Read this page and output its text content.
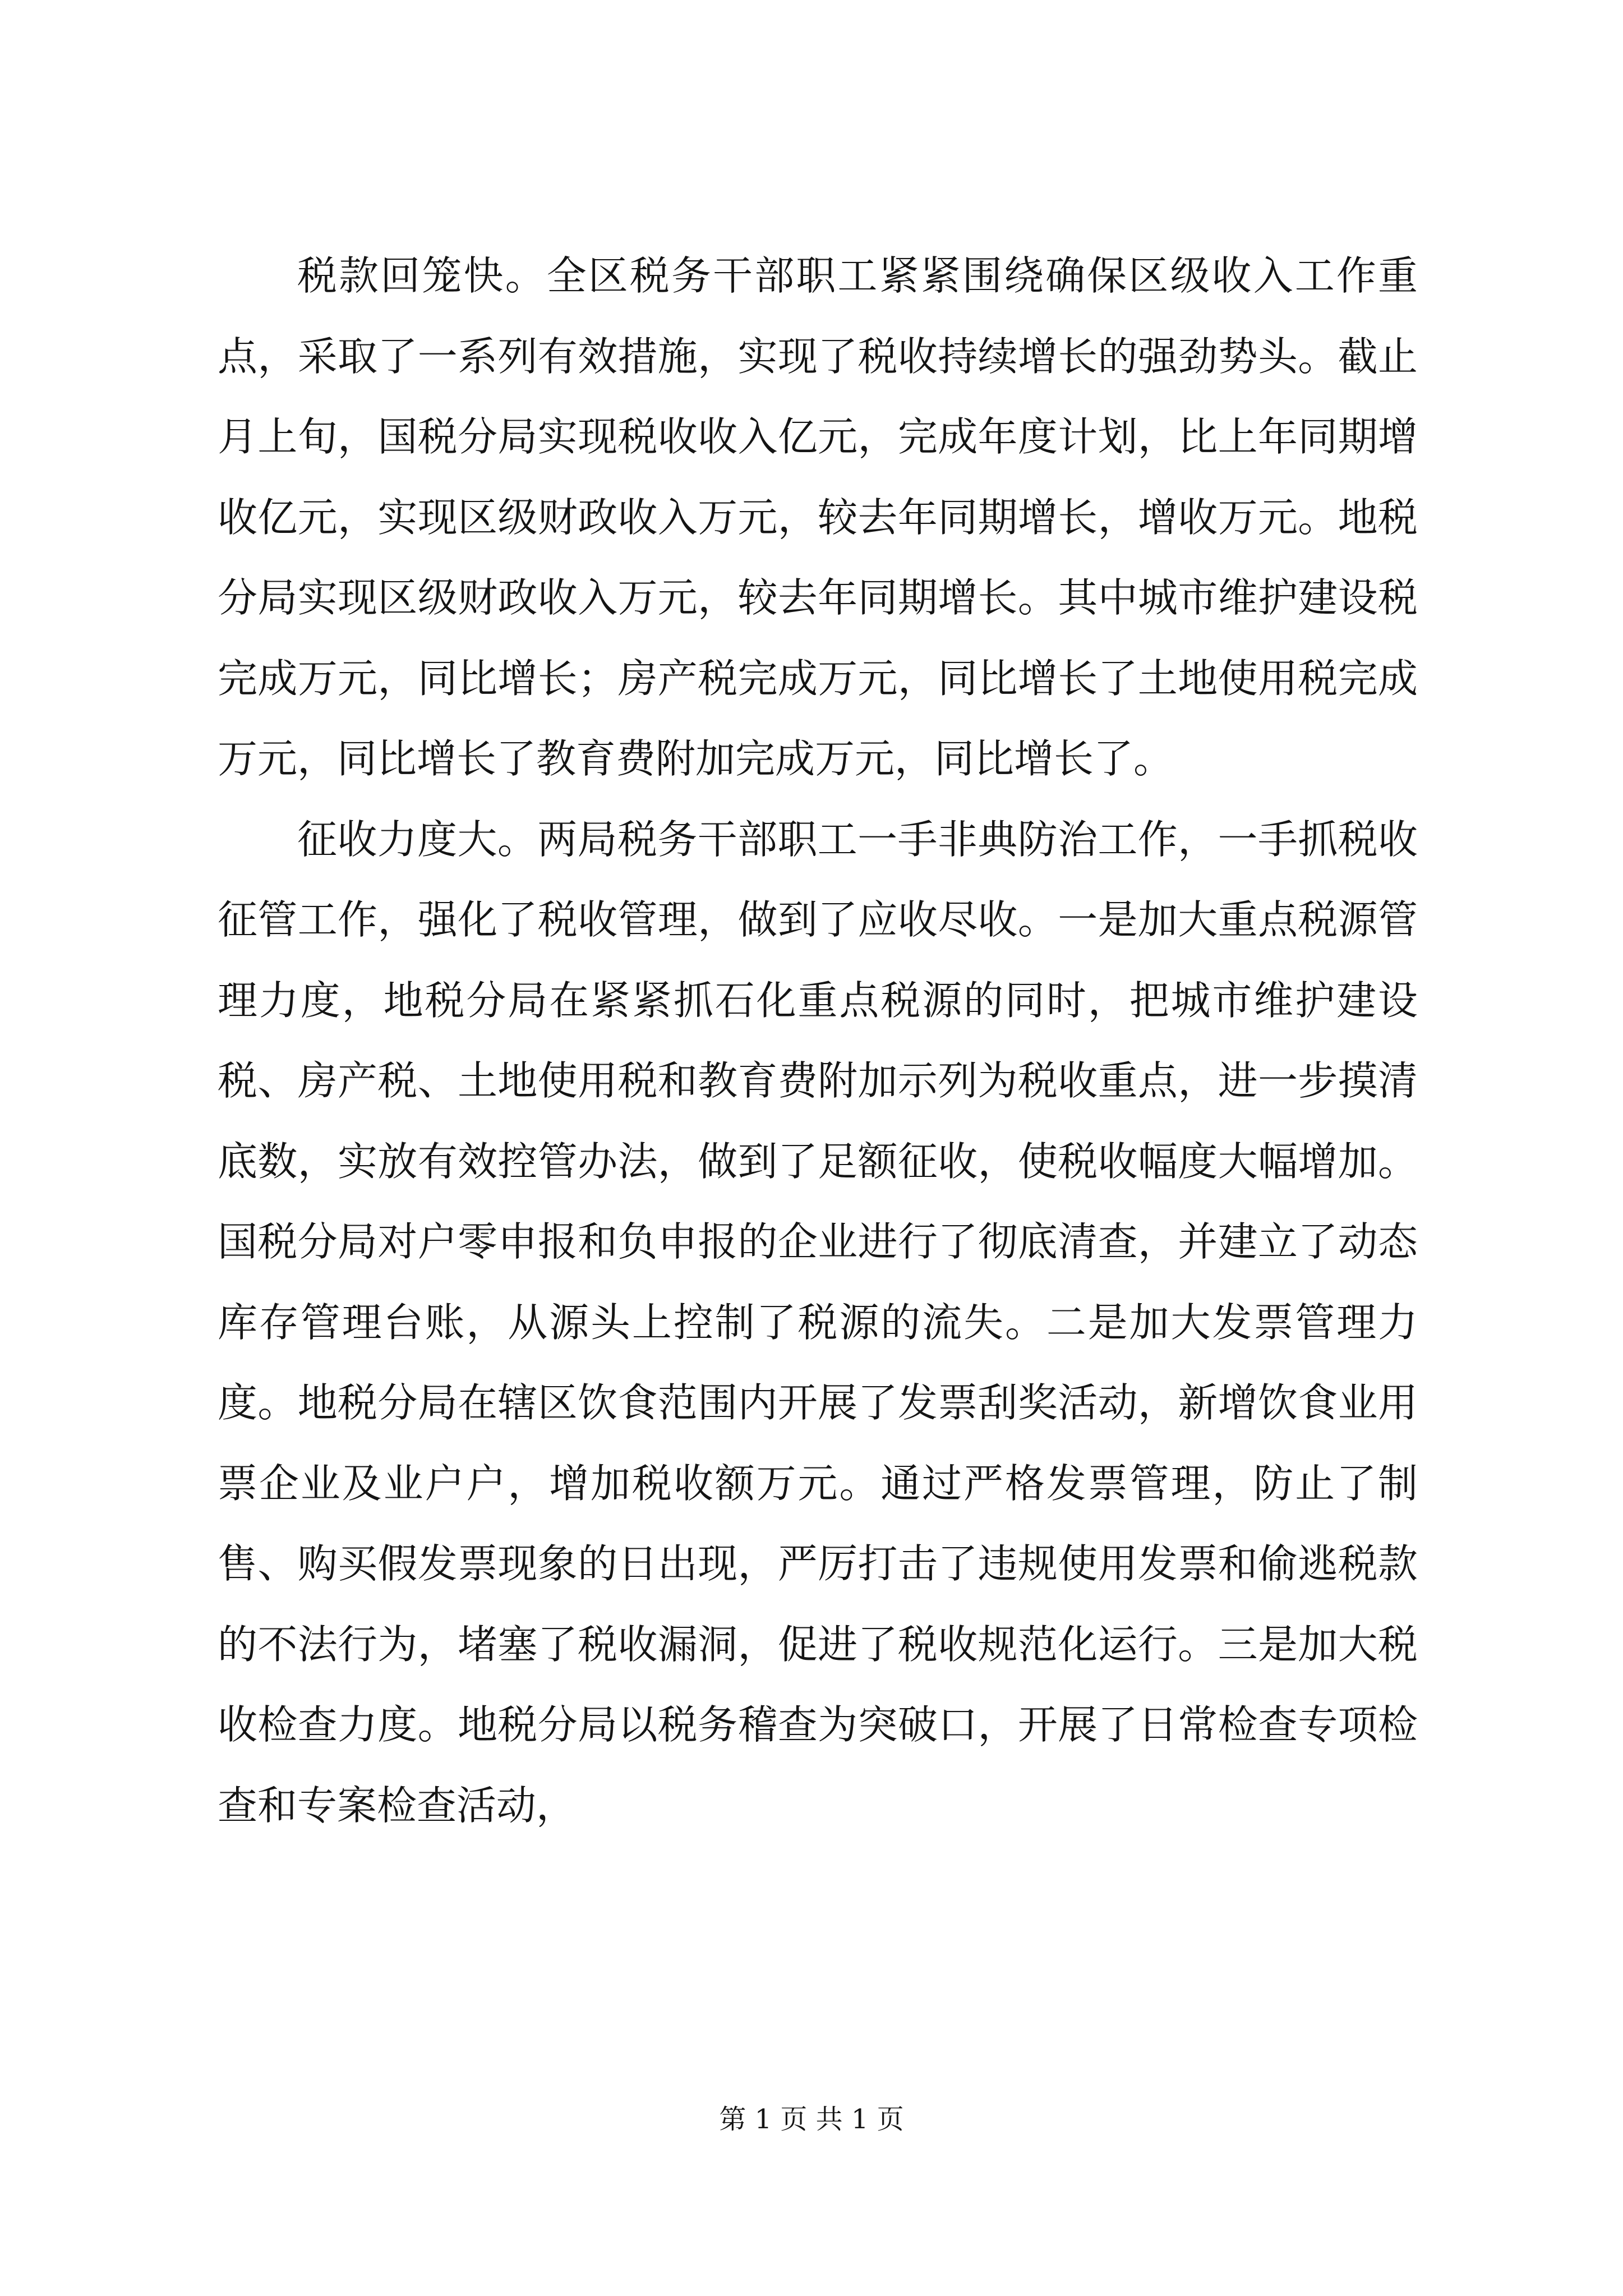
税款回笼快。全区税务干部职工紧紧围绕确保区级收入工作重点，采取了一系列有效措施，实现了税收持续增长的强劲势头。截止月上旬，国税分局实现税收收入亿元，完成年度计划，比上年同期增收亿元，实现区级财政收入万元，较去年同期增长，增收万元。地税分局实现区级财政收入万元，较去年同期增长。其中城市维护建设税完成万元，同比增长；房产税完成万元，同比增长了土地使用税完成万元，同比增长了教育费附加完成万元，同比增长了。

征收力度大。两局税务干部职工一手非典防治工作，一手抓税收征管工作，强化了税收管理，做到了应收尽收。一是加大重点税源管理力度，地税分局在紧紧抓石化重点税源的同时，把城市维护建设税、房产税、土地使用税和教育费附加示列为税收重点，进一步摸清底数，实放有效控管办法，做到了足额征收，使税收幅度大幅增加。国税分局对户零申报和负申报的企业进行了彻底清查，并建立了动态库存管理台账，从源头上控制了税源的流失。二是加大发票管理力度。地税分局在辖区饮食范围内开展了发票刮奖活动，新增饮食业用票企业及业户户，增加税收额万元。通过严格发票管理，防止了制售、购买假发票现象的日出现，严厉打击了违规使用发票和偷逃税款的不法行为，堵塞了税收漏洞，促进了税收规范化运行。三是加大税收检查力度。地税分局以税务稽查为突破口，开展了日常检查专项检查和专案检查活动，

第 1 页 共 1 页
